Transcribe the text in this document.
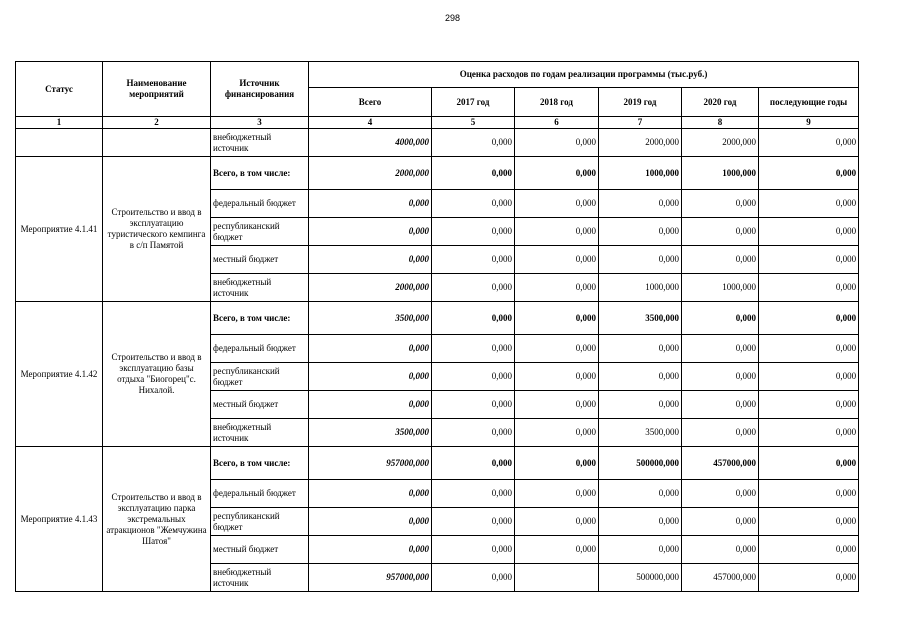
298
Статус	Наименование мероприятий	Источник финансирования	Оценка расходов по годам реализации программы (тыс.руб.)					
			Всего	2017 год	2018 год	2019 год	2020 год	последующие годы
1	2	3	4	5	6	7	8	9
		внебюджетный источник	4000,000	0,000	0,000	2000,000	2000,000	0,000
Мероприятие 4.1.41	Строительство и ввод в эксплуатацию туристического кемпинга в с/п Памятой	Всего, в том числе:	2000,000	0,000	0,000	1000,000	1000,000	0,000
		федеральный бюджет	0,000	0,000	0,000	0,000	0,000	0,000
		республиканский бюджет	0,000	0,000	0,000	0,000	0,000	0,000
		местный бюджет	0,000	0,000	0,000	0,000	0,000	0,000
		внебюджетный источник	2000,000	0,000	0,000	1000,000	1000,000	0,000
Мероприятие 4.1.42	Строительство и ввод в эксплуатацию базы отдыха "Биогорец"с. Нихалой.	Всего, в том числе:	3500,000	0,000	0,000	3500,000	0,000	0,000
		федеральный бюджет	0,000	0,000	0,000	0,000	0,000	0,000
		республиканский бюджет	0,000	0,000	0,000	0,000	0,000	0,000
		местный бюджет	0,000	0,000	0,000	0,000	0,000	0,000
		внебюджетный источник	3500,000	0,000	0,000	3500,000	0,000	0,000
Мероприятие 4.1.43	Строительство и ввод в эксплуатацию парка экстремальных атракционов "Жемчужина Шатоя"	Всего, в том числе:	957000,000	0,000	0,000	500000,000	457000,000	0,000
		федеральный бюджет	0,000	0,000	0,000	0,000	0,000	0,000
		республиканский бюджет	0,000	0,000	0,000	0,000	0,000	0,000
		местный бюджет	0,000	0,000	0,000	0,000	0,000	0,000
		внебюджетный источник	957000,000	0,000		500000,000	457000,000	0,000
